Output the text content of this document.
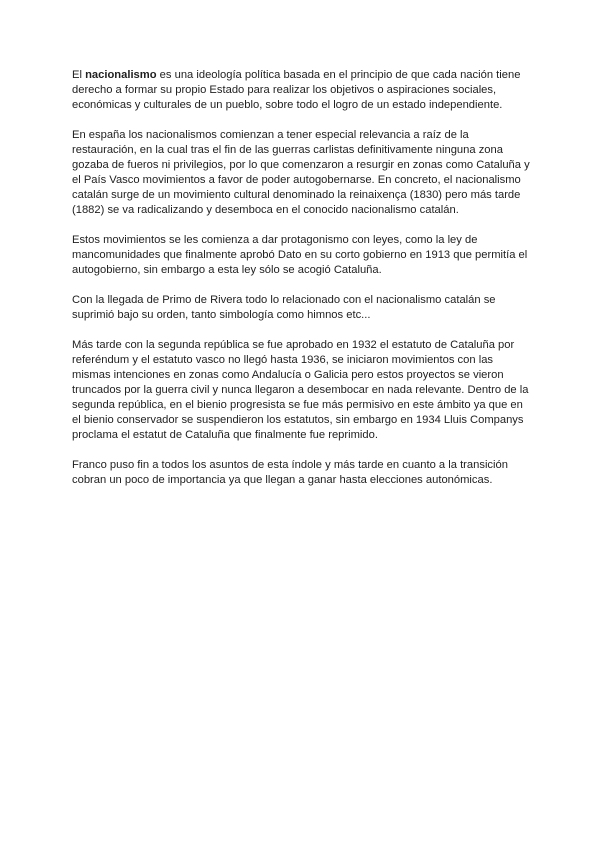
El nacionalismo es una ideología política basada en el principio de que cada nación tiene derecho a formar su propio Estado para realizar los objetivos o aspiraciones sociales, económicas y culturales de un pueblo, sobre todo el logro de un estado independiente.

En españa los nacionalismos comienzan a tener especial relevancia a raíz de la restauración, en la cual tras el fin de las guerras carlistas definitivamente ninguna zona gozaba de fueros ni privilegios, por lo que comenzaron a resurgir en zonas como Cataluña y el País Vasco movimientos a favor de poder autogobernarse. En concreto, el nacionalismo catalán surge de un movimiento cultural denominado la reinaixença (1830) pero más tarde (1882) se va radicalizando y desemboca en el conocido nacionalismo catalán.

Estos movimientos se les comienza a dar protagonismo con leyes, como la ley de mancomunidades que finalmente aprobó Dato en su corto gobierno en 1913 que permitía el autogobierno, sin embargo a esta ley sólo se acogió Cataluña.

Con la llegada de Primo de Rivera todo lo relacionado con el nacionalismo catalán se suprimió bajo su orden, tanto simbología como himnos etc...

Más tarde con la segunda república se fue aprobado en 1932 el estatuto de Cataluña por referéndum y el estatuto vasco no llegó hasta 1936, se iniciaron movimientos con las mismas intenciones en zonas como Andalucía o Galicia pero estos proyectos se vieron truncados por la guerra civil y nunca llegaron a desembocar en nada relevante. Dentro de la segunda república, en el bienio progresista se fue más permisivo en este ámbito ya que en el bienio conservador se suspendieron los estatutos, sin embargo en 1934 Lluis Companys proclama el estatut de Cataluña que finalmente fue reprimido.

Franco puso fin a todos los asuntos de esta índole y más tarde en cuanto a la transición cobran un poco de importancia ya que llegan a ganar hasta elecciones autonómicas.
